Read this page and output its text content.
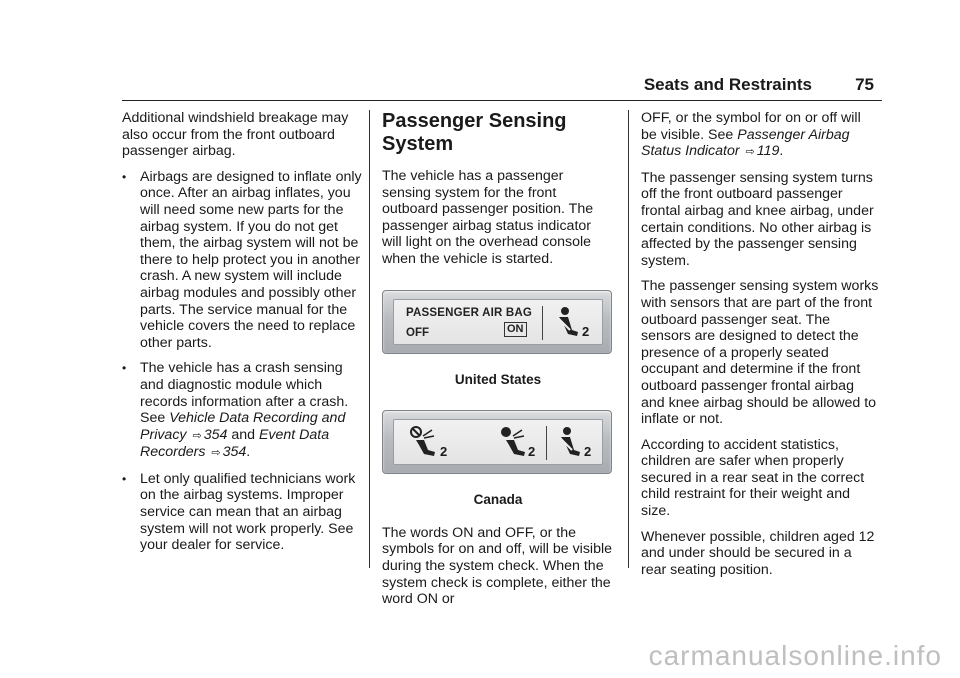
Seats and Restraints	75

Additional windshield breakage may also occur from the front outboard passenger airbag.

• Airbags are designed to inflate only once. After an airbag inflates, you will need some new parts for the airbag system. If you do not get them, the airbag system will not be there to help protect you in another crash. A new system will include airbag modules and possibly other parts. The service manual for the vehicle covers the need to replace other parts.
• The vehicle has a crash sensing and diagnostic module which records information after a crash. See Vehicle Data Recording and Privacy ⇨ 354 and Event Data Recorders ⇨ 354.
• Let only qualified technicians work on the airbag systems. Improper service can mean that an airbag system will not work properly. See your dealer for service.
Passenger Sensing System

The vehicle has a passenger sensing system for the front outboard passenger position. The passenger airbag status indicator will light on the overhead console when the vehicle is started.

PASSENGER AIR BAG
OFF	ON	2
United States
2	2	2
Canada

The words ON and OFF, or the symbols for on and off, will be visible during the system check. When the system check is complete, either the word ON or

OFF, or the symbol for on or off will be visible. See Passenger Airbag Status Indicator ⇨ 119.

The passenger sensing system turns off the front outboard passenger frontal airbag and knee airbag, under certain conditions. No other airbag is affected by the passenger sensing system.

The passenger sensing system works with sensors that are part of the front outboard passenger seat. The sensors are designed to detect the presence of a properly seated occupant and determine if the front outboard passenger frontal airbag and knee airbag should be allowed to inflate or not.

According to accident statistics, children are safer when properly secured in a rear seat in the correct child restraint for their weight and size.

Whenever possible, children aged 12 and under should be secured in a rear seating position.

carmanualsonline.info
